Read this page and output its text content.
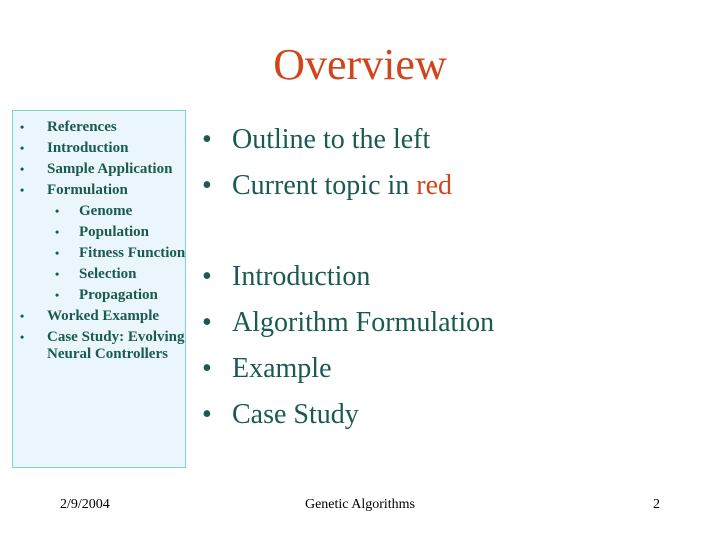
Overview
• References
• Introduction
• Sample Application
• Formulation
• Genome
• Population
• Fitness Function
• Selection
• Propagation
• Worked Example
• Case Study: Evolving Neural Controllers
• Outline to the left
• Current topic in red
• Introduction
• Algorithm Formulation
• Example
• Case Study
2/9/2004	Genetic Algorithms	2
